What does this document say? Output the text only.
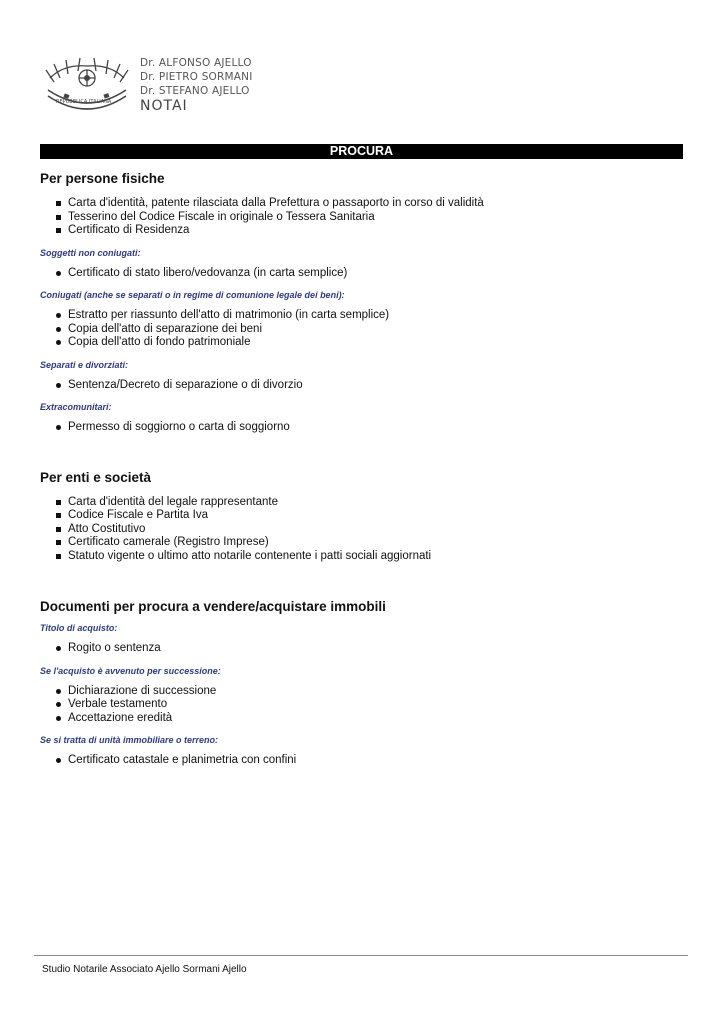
REPUBBLICA ITALIANA
Dr. ALFONSO AJELLO
Dr. PIETRO SORMANI
Dr. STEFANO AJELLO
NOTAI
PROCURA
Per persone fisiche
Carta d'identità, patente rilasciata dalla Prefettura o passaporto in corso di validità
Tesserino del Codice Fiscale in originale o Tessera Sanitaria
Certificato di Residenza

Soggetti non coniugati:

Certificato di stato libero/vedovanza (in carta semplice)

Coniugati (anche se separati o in regime di comunione legale dei beni):

Estratto per riassunto dell'atto di matrimonio (in carta semplice)
Copia dell'atto di separazione dei beni
Copia dell'atto di fondo patrimoniale

Separati e divorziati:

Sentenza/Decreto di separazione o di divorzio

Extracomunitari:

Permesso di soggiorno o carta di soggiorno
Per enti e società
Carta d'identità del legale rappresentante
Codice Fiscale e Partita Iva
Atto Costitutivo
Certificato camerale (Registro Imprese)
Statuto vigente o ultimo atto notarile contenente i patti sociali aggiornati
Documenti per procura a vendere/acquistare immobili

Titolo di acquisto:

Rogito o sentenza

Se l'acquisto è avvenuto per successione:

Dichiarazione di successione
Verbale testamento
Accettazione eredità

Se si tratta di unità immobiliare o terreno:

Certificato catastale e planimetria con confini
Studio Notarile Associato Ajello Sormani Ajello
